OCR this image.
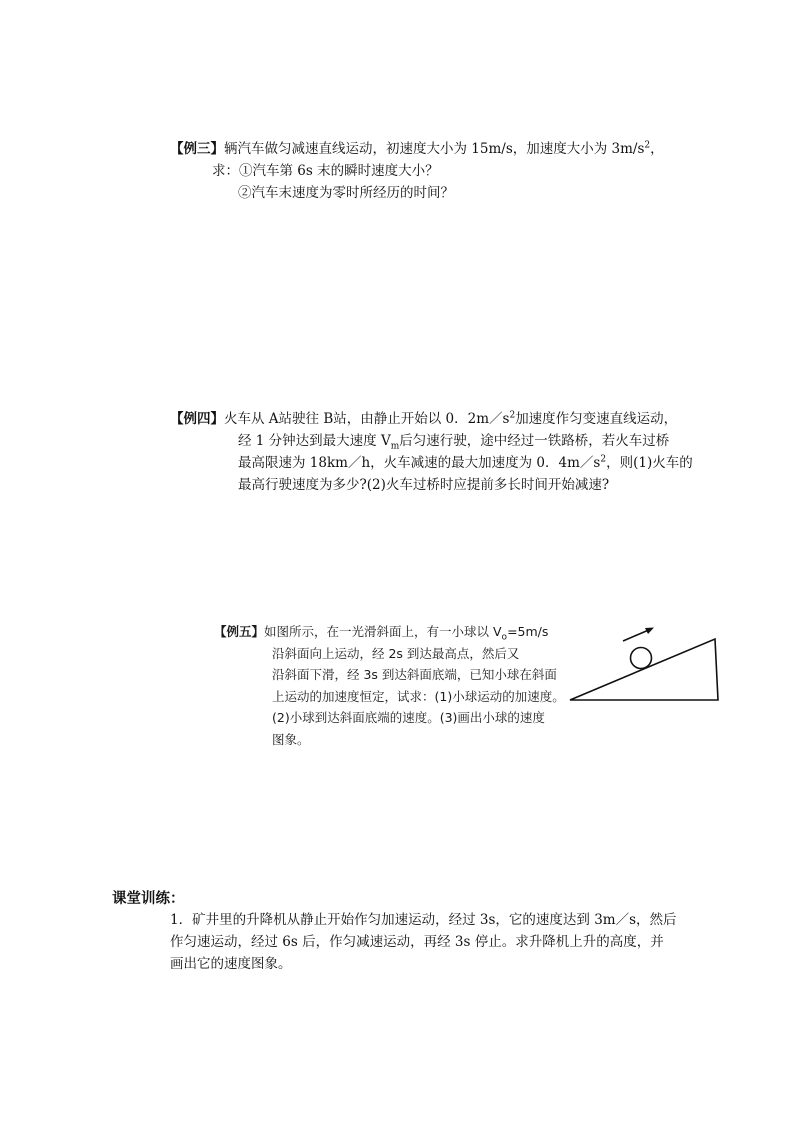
【例三】辆汽车做匀减速直线运动，初速度大小为 15m/s，加速度大小为 $3m/s^2$，
求：①汽车第 6s 末的瞬时速度大小？
②汽车末速度为零时所经历的时间？
【例四】火车从 A站驶往 B站，由静止开始以 0．$2m/s^2$加速度作匀变速直线运动，
经 1 分钟达到最大速度 $V_m$后匀速行驶，途中经过一铁路桥，若火车过桥
最高限速为 18km／h，火车减速的最大加速度为 0．$4m/s^2$，则(1)火车的
最高行驶速度为多少?(2)火车过桥时应提前多长时间开始减速?
【例五】如图所示，在一光滑斜面上，有一小球以 $V_o=5m/s$
沿斜面向上运动，经 2s 到达最高点，然后又
沿斜面下滑，经 3s 到达斜面底端，已知小球在斜面
上运动的加速度恒定，试求：(1)小球运动的加速度。
(2)小球到达斜面底端的速度。(3)画出小球的速度
图象。
课堂训练：
1．矿井里的升降机从静止开始作匀加速运动，经过 3s，它的速度达到 3m／s，然后
作匀速运动，经过 6s 后，作匀减速运动，再经 3s 停止。求升降机上升的高度，并
画出它的速度图象。
